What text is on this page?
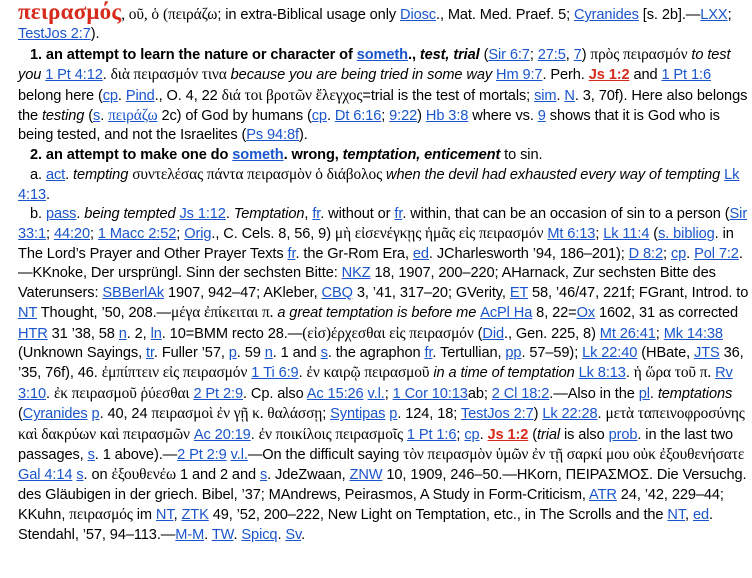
πειρασμός, οῦ, ὁ (πειράζω; in extra-Biblical usage only Diosc., Mat. Med. Praef. 5; Cyranides [s. 2b].—LXX; TestJos 2:7).

1. an attempt to learn the nature or character of someth., test, trial (Sir 6:7; 27:5, 7) πρὸς πειρασμόν to test you 1 Pt 4:12. διὰ πειρασμόν τινα because you are being tried in some way Hm 9:7. Perh. Js 1:2 and 1 Pt 1:6 belong here (cp. Pind., O. 4, 22 διά τοι βροτῶν ἔλεγχος=trial is the test of mortals; sim. N. 3, 70f). Here also belongs the testing (s. πειράζω 2c) of God by humans (cp. Dt 6:16; 9:22) Hb 3:8 where vs. 9 shows that it is God who is being tested, and not the Israelites (Ps 94:8f).

2. an attempt to make one do someth. wrong, temptation, enticement to sin.

a. act. tempting συντελέσας πάντα πειρασμὸν ὁ διάβολος when the devil had exhausted every way of tempting Lk 4:13.

b. pass. being tempted Js 1:12. Temptation, fr. without or fr. within, that can be an occasion of sin to a person (Sir 33:1; 44:20; 1 Macc 2:52; Orig., C. Cels. 8, 56, 9) μὴ εἰσενέγκῃς ἡμᾶς εἰς πειρασμόν Mt 6:13; Lk 11:4 (s. bibliog. in The Lord’s Prayer and Other Prayer Texts fr. the Gr-Rom Era, ed. JCharlesworth ’94, 186–201); D 8:2; cp. Pol 7:2.—KKnoke, Der ursprüngl. Sinn der sechsten Bitte: NKZ 18, 1907, 200–220; AHarnack, Zur sechsten Bitte des Vaterunsers: SBBerlAk 1907, 942–47; AKleber, CBQ 3, ’41, 317–20; GVerity, ET 58, ’46/47, 221f; FGrant, Introd. to NT Thought, ’50, 208.—μέγα ἐπίκειται π. a great temptation is before me AcPl Ha 8, 22=Ox 1602, 31 as corrected HTR 31 ’38, 58 n. 2, ln. 10=BMM recto 28.—(εἰσ)έρχεσθαι εἰς πειρασμόν (Did., Gen. 225, 8) Mt 26:41; Mk 14:38 (Unknown Sayings, tr. Fuller ’57, p. 59 n. 1 and s. the agraphon fr. Tertullian, pp. 57–59); Lk 22:40 (HBate, JTS 36, ’35, 76f), 46. ἐμπίπτειν εἰς πειρασμόν 1 Ti 6:9. ἐν καιρῷ πειρασμοῦ in a time of temptation Lk 8:13. ἡ ὥρα τοῦ π. Rv 3:10. ἐκ πειρασμοῦ ῥύεσθαι 2 Pt 2:9. Cp. also Ac 15:26 v.l.; 1 Cor 10:13ab; 2 Cl 18:2.—Also in the pl. temptations (Cyranides p. 40, 24 πειρασμοὶ ἐν γῇ κ. θαλάσσῃ; Syntipas p. 124, 18; TestJos 2:7) Lk 22:28. μετὰ ταπεινοφροσύνης καὶ δακρύων καὶ πειρασμῶν Ac 20:19. ἐν ποικίλοις πειρασμοῖς 1 Pt 1:6; cp. Js 1:2 (trial is also prob. in the last two passages, s. 1 above).—2 Pt 2:9 v.l.—On the difficult saying τὸν πειρασμὸν ὑμῶν ἐν τῇ σαρκί μου οὐκ ἐξουθενήσατε Gal 4:14 s. on ἐξουθενέω 1 and 2 and s. JdeZwaan, ZNW 10, 1909, 246–50.—HKorn, ΠΕΙΡΑΣΜΟΣ. Die Versuchg. des Gläubigen in der griech. Bibel, ’37; MAndrews, Peirasmos, A Study in Form-Criticism, ATR 24, ’42, 229–44; KKuhn, πειρασμός im NT, ZTK 49, ’52, 200–222, New Light on Temptation, etc., in The Scrolls and the NT, ed. Stendahl, ’57, 94–113.—M-M. TW. Spicq. Sv.
